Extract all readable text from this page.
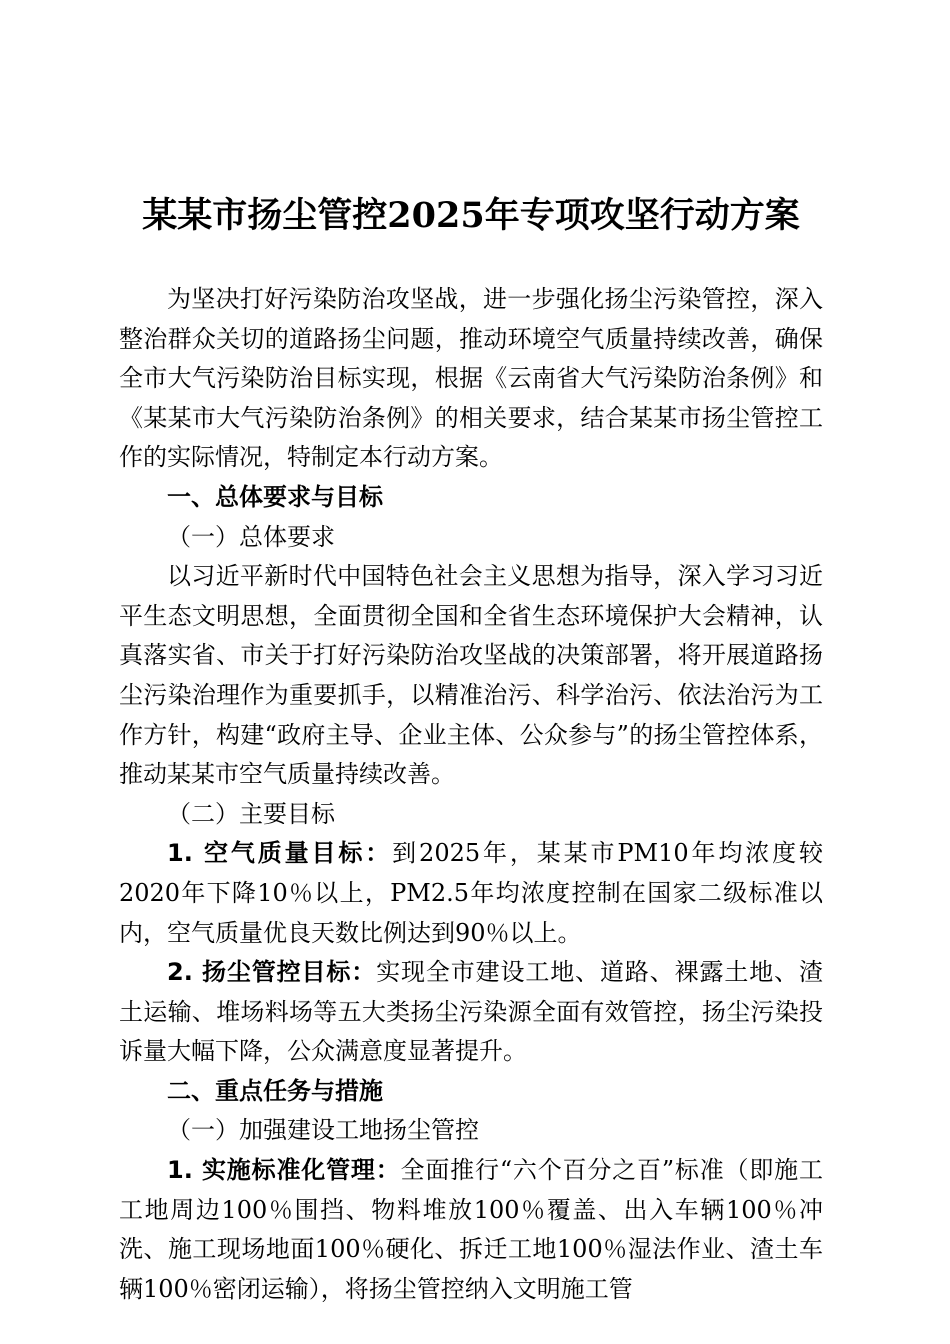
某某市扬尘管控2025年专项攻坚行动方案

为坚决打好污染防治攻坚战，进一步强化扬尘污染管控，深入整治群众关切的道路扬尘问题，推动环境空气质量持续改善，确保全市大气污染防治目标实现，根据《云南省大气污染防治条例》和《某某市大气污染防治条例》的相关要求，结合某某市扬尘管控工作的实际情况，特制定本行动方案。

一、总体要求与目标

（一）总体要求

以习近平新时代中国特色社会主义思想为指导，深入学习习近平生态文明思想，全面贯彻全国和全省生态环境保护大会精神，认真落实省、市关于打好污染防治攻坚战的决策部署，将开展道路扬尘污染治理作为重要抓手，以精准治污、科学治污、依法治污为工作方针，构建“政府主导、企业主体、公众参与”的扬尘管控体系，推动某某市空气质量持续改善。

（二）主要目标

1. 空气质量目标：到2025年，某某市PM10年均浓度较2020年下降10％以上，PM2.5年均浓度控制在国家二级标准以内，空气质量优良天数比例达到90％以上。

2. 扬尘管控目标：实现全市建设工地、道路、裸露土地、渣土运输、堆场料场等五大类扬尘污染源全面有效管控，扬尘污染投诉量大幅下降，公众满意度显著提升。

二、重点任务与措施

（一）加强建设工地扬尘管控

1. 实施标准化管理：全面推行“六个百分之百”标准（即施工工地周边100％围挡、物料堆放100％覆盖、出入车辆100％冲洗、施工现场地面100％硬化、拆迁工地100％湿法作业、渣土车辆100％密闭运输），将扬尘管控纳入文明施工管
